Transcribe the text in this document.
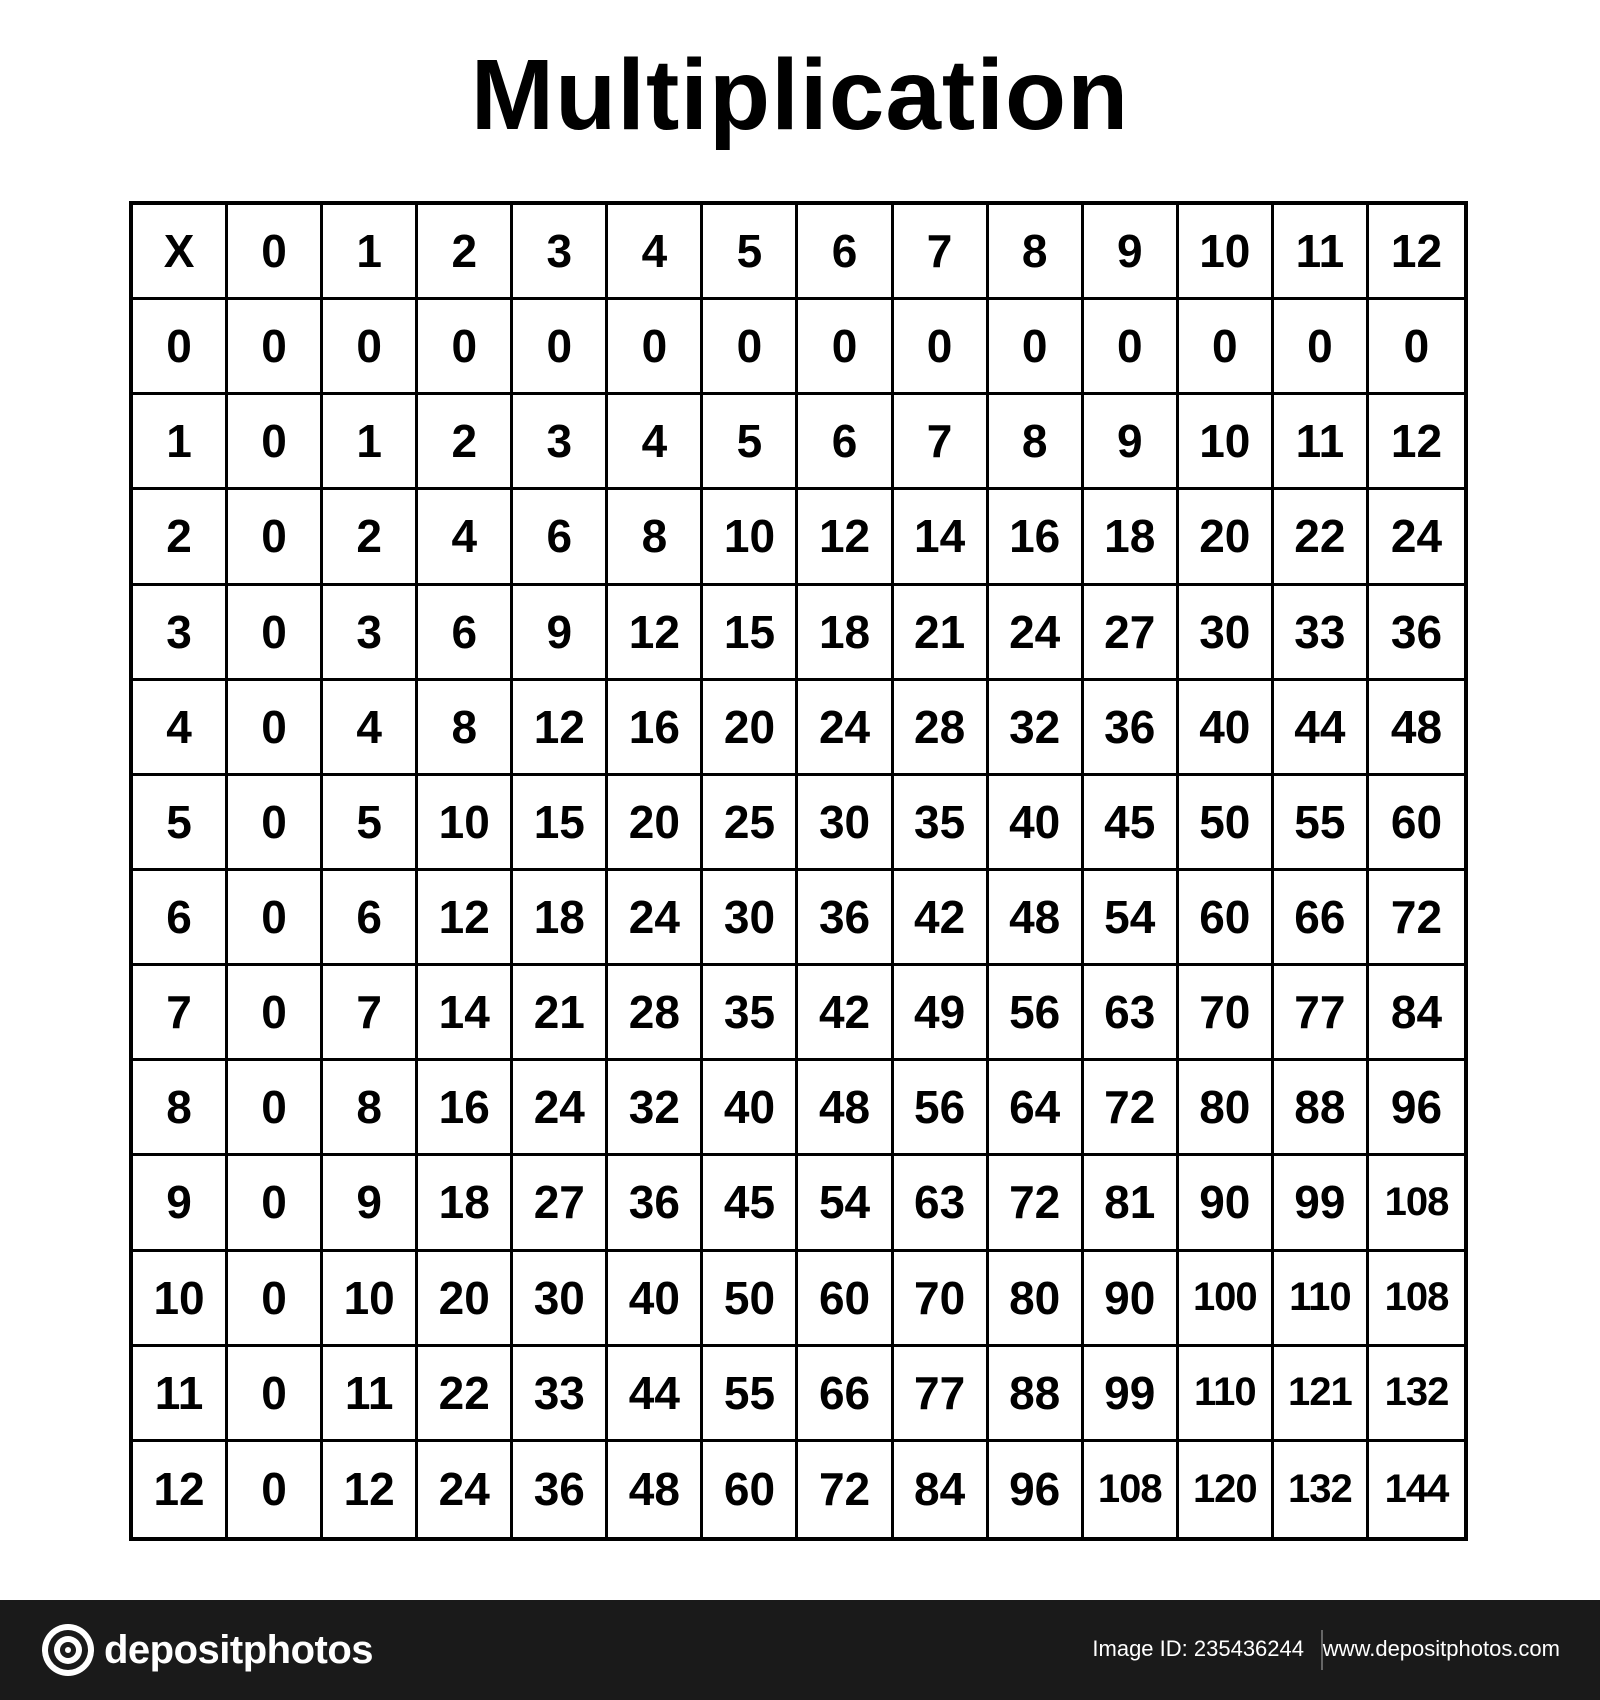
Multiplication
X	0	1	2	3	4	5	6	7	8	9	10 11	12
0	0	0	0	0	0	0	0	0	0	0	0	0	0
1	0	1	2	3	4	5	6	7	8	9	10 11	12
2	0	2	4	6	8	10 12 14 16 18 20 22 24
3	0	3	6	9	12 15 18 21 24 27 30 33 36
4	0	4	8	12 16 20 24 28 32 36 40 44 48
5	0	5	10 15 20 25 30 35 40 45 50 55 60
6	0	6	12 18 24 30 36 42 48 54 60 66 72
7	0	7	14 21 28 35 42 49 56 63 70 77 84
8	0	8	16 24 32 40 48 56 64 72 80 88 96
9	0	9	18 27 36 45 54 63 72 81 90 99 108
10	0	10 20 30 40 50 60 70 80 90 100 110 108
11	0	11 22 33 44 55 66 77 88 99 110 121 132
12	0	12 24 36 48 60 72 84 96 108 120 132 144
depositphotos	Image ID: 235436244 www.depositphotos.com
